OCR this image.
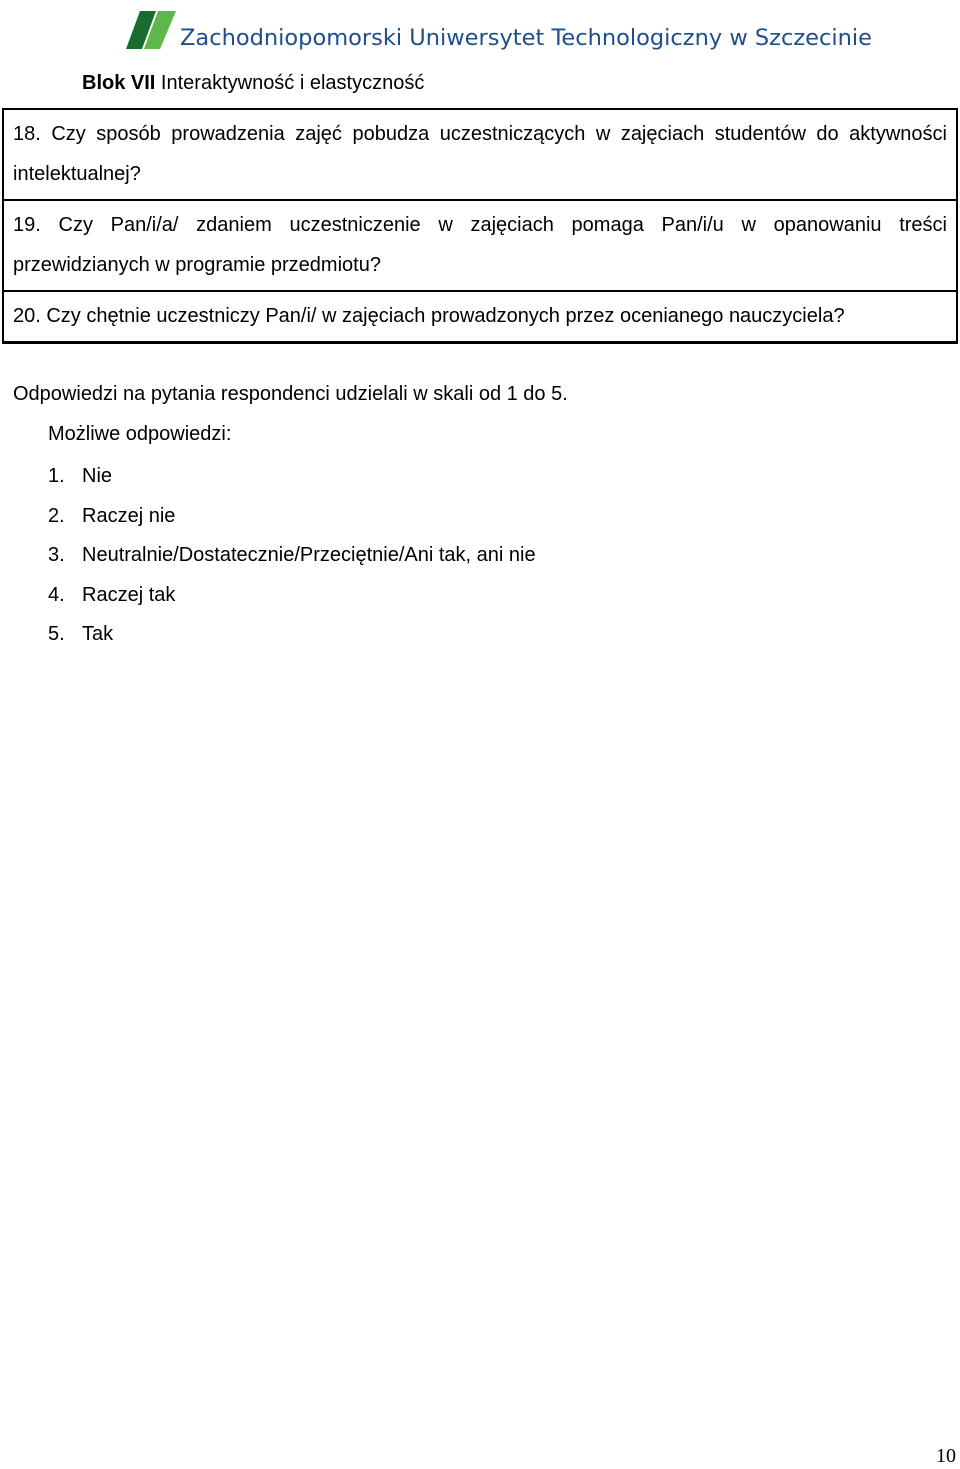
Zachodniopomorski Uniwersytet Technologiczny w Szczecinie
Blok VII Interaktywność i elastyczność
18. Czy sposób prowadzenia zajęć pobudza uczestniczących w zajęciach studentów do aktywności intelektualnej?
19. Czy Pan/i/a/ zdaniem uczestniczenie w zajęciach pomaga Pan/i/u w opanowaniu treści przewidzianych w programie przedmiotu?
20. Czy chętnie uczestniczy Pan/i/ w zajęciach prowadzonych przez ocenianego nauczyciela?
Odpowiedzi na pytania respondenci udzielali w skali od 1 do 5.
Możliwe odpowiedzi:
1. Nie
2. Raczej nie
3. Neutralnie/Dostatecznie/Przeciętnie/Ani tak, ani nie
4. Raczej tak
5. Tak
10
